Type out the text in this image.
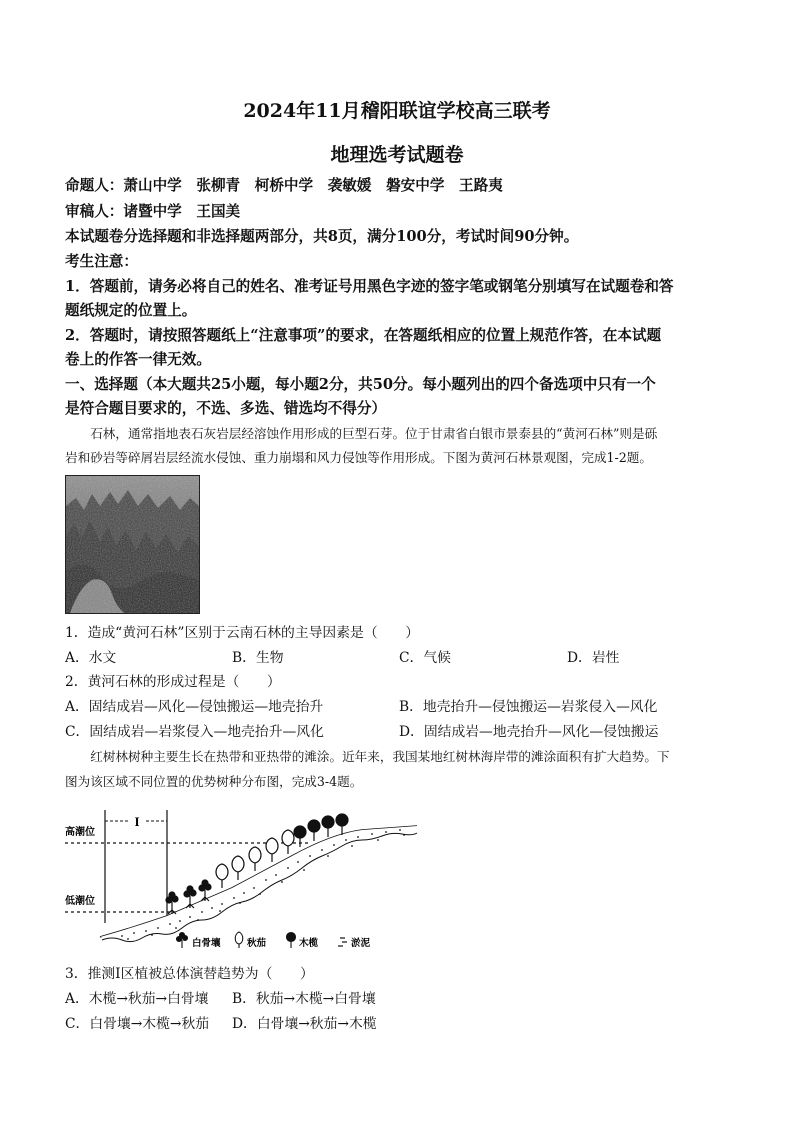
2024年11月稽阳联谊学校高三联考
地理选考试题卷
命题人：萧山中学　张柳青　柯桥中学　袭敏媛　磐安中学　王路夷
审稿人：诸暨中学　王国美
本试题卷分选择题和非选择题两部分，共8页，满分100分，考试时间90分钟。
考生注意：
1．答题前，请务必将自己的姓名、准考证号用黑色字迹的签字笔或钢笔分别填写在试题卷和答
题纸规定的位置上。
2．答题时，请按照答题纸上“注意事项”的要求，在答题纸相应的位置上规范作答，在本试题
卷上的作答一律无效。
一、选择题（本大题共25小题，每小题2分，共50分。每小题列出的四个备选项中只有一个
是符合题目要求的，不选、多选、错选均不得分）
　　石林，通常指地表石灰岩层经溶蚀作用形成的巨型石芽。位于甘肃省白银市景泰县的“黄河石林”则是砾
岩和砂岩等碎屑岩层经流水侵蚀、重力崩塌和风力侵蚀等作用形成。下图为黄河石林景观图，完成1-2题。
1．造成“黄河石林”区别于云南石林的主导因素是（　　）
A．水文	B．生物	C．气候	D．岩性
2．黄河石林的形成过程是（　　）
A．固结成岩—风化—侵蚀搬运—地壳抬升	B．地壳抬升—侵蚀搬运—岩浆侵入—风化
C．固结成岩—岩浆侵入—地壳抬升—风化	D．固结成岩—地壳抬升—风化—侵蚀搬运
　　红树林树种主要生长在热带和亚热带的滩涂。近年来，我国某地红树林海岸带的滩涂面积有扩大趋势。下
图为该区域不同位置的优势树种分布图，完成3-4题。
高潮位
低潮位
I
白骨壤	秋茄	木榄	淤泥
3．推测Ⅰ区植被总体演替趋势为（　　）
A．木榄→秋茄→白骨壤 B．秋茄→木榄→白骨壤
C．白骨壤→木榄→秋茄 D．白骨壤→秋茄→木榄
